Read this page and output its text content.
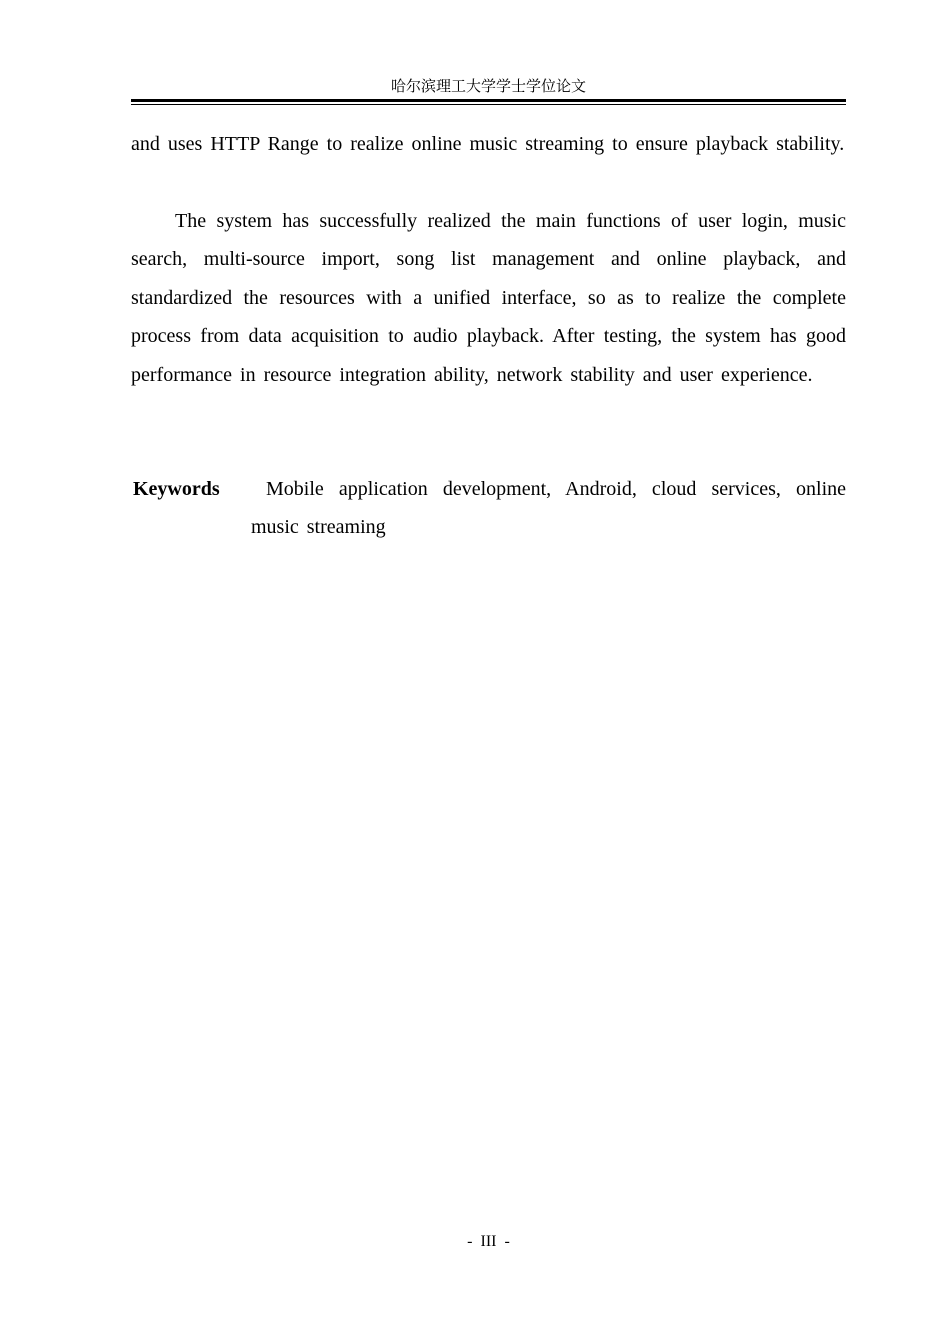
哈尔滨理工大学学士学位论文

and uses HTTP Range to realize online music streaming to ensure playback stability.

The system has successfully realized the main functions of user login, music search, multi-source import, song list management and online playback, and standardized the resources with a unified interface, so as to realize the complete process from data acquisition to audio playback. After testing, the system has good performance in resource integration ability, network stability and user experience.

Keywords	Mobile application development, Android, cloud services, online music streaming
- III -
